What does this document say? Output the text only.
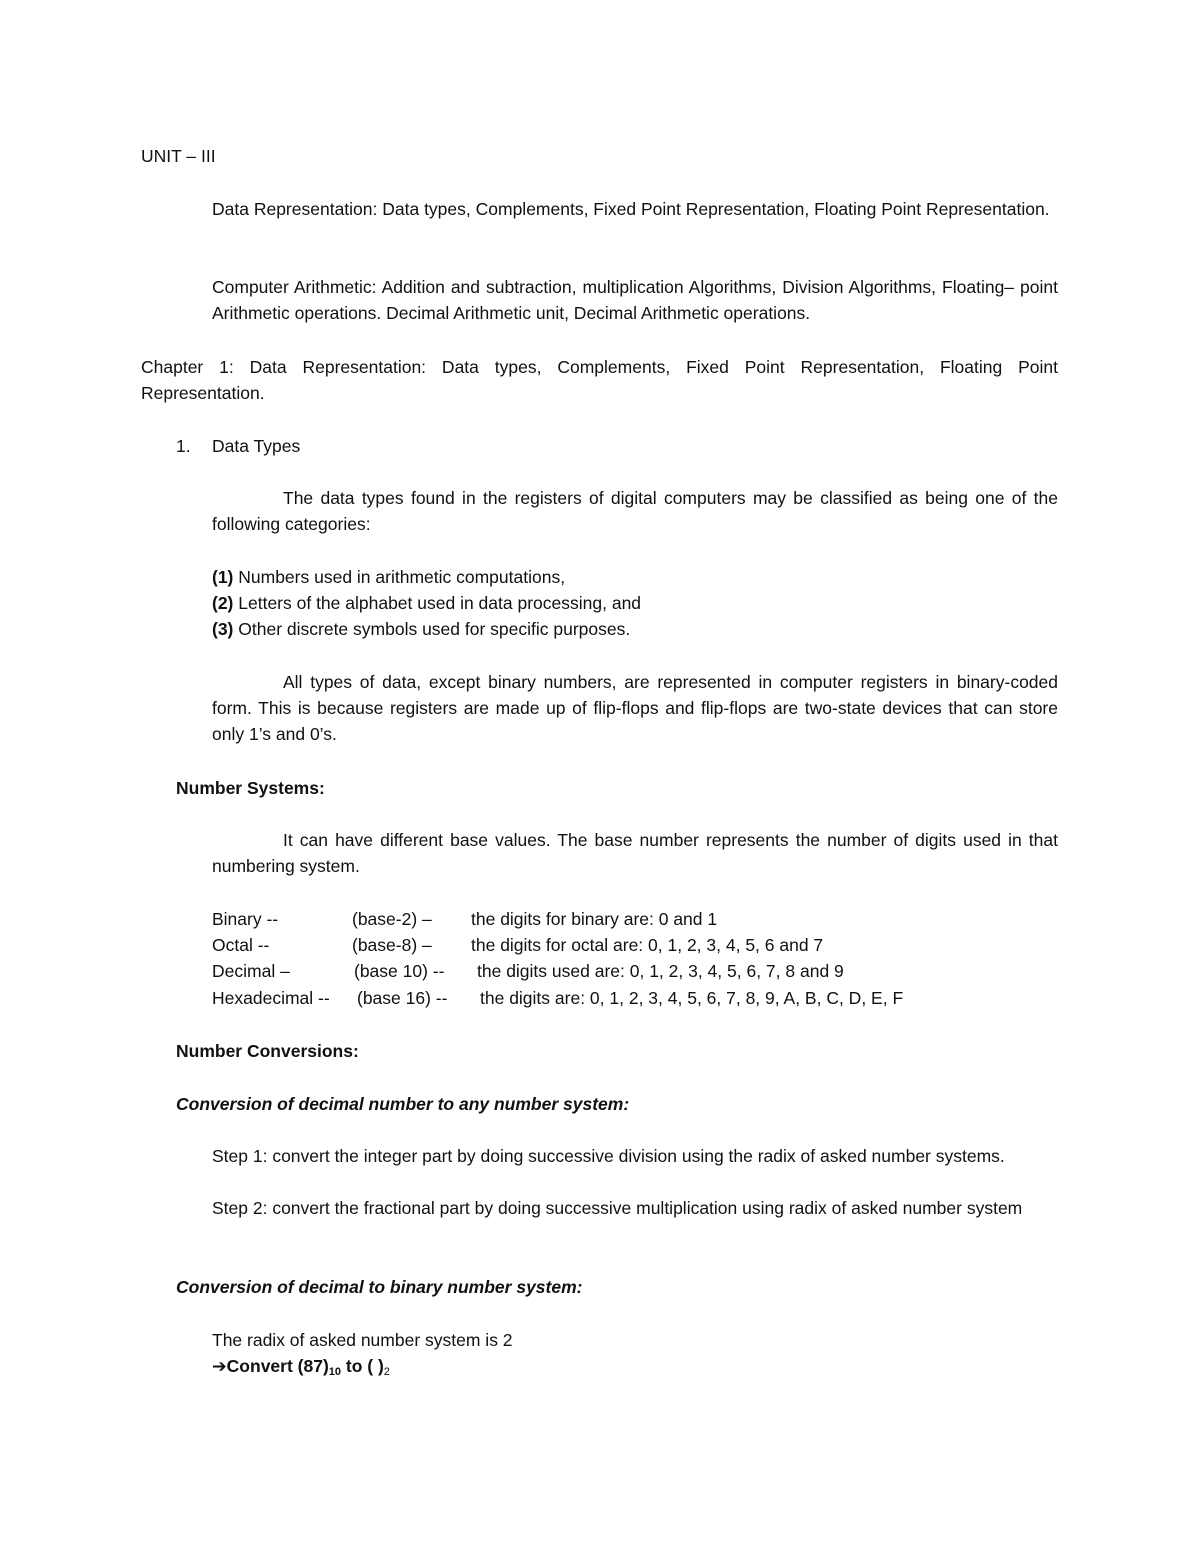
UNIT – III
Data Representation: Data types, Complements, Fixed Point Representation, Floating Point Representation.
Computer Arithmetic: Addition and subtraction, multiplication Algorithms, Division Algorithms, Floating– point Arithmetic operations. Decimal Arithmetic unit, Decimal Arithmetic operations.
Chapter 1: Data Representation: Data types, Complements, Fixed Point Representation, Floating Point Representation.
1. Data Types
The data types found in the registers of digital computers may be classified as being one of the following categories:
(1) Numbers used in arithmetic computations,
(2) Letters of the alphabet used in data processing, and
(3) Other discrete symbols used for specific purposes.
All types of data, except binary numbers, are represented in computer registers in binary-coded form. This is because registers are made up of flip-flops and flip-flops are two-state devices that can store only 1’s and 0’s.
Number Systems:
It can have different base values. The base number represents the number of digits used in that numbering system.
Binary --	(base-2) – the digits for binary are: 0 and 1
Octal --	(base-8) – the digits for octal are: 0, 1, 2, 3, 4, 5, 6 and 7
Decimal –	(base 10) -- the digits used are: 0, 1, 2, 3, 4, 5, 6, 7, 8 and 9
Hexadecimal -- (base 16) -- the digits are: 0, 1, 2, 3, 4, 5, 6, 7, 8, 9, A, B, C, D, E, F
Number Conversions:
Conversion of decimal number to any number system:
Step 1: convert the integer part by doing successive division using the radix of asked number systems.
Step 2: convert the fractional part by doing successive multiplication using radix of asked number system
Conversion of decimal to binary number system:
The radix of asked number system is 2
➔Convert $(87)_{10}$ to ( )$_2$
